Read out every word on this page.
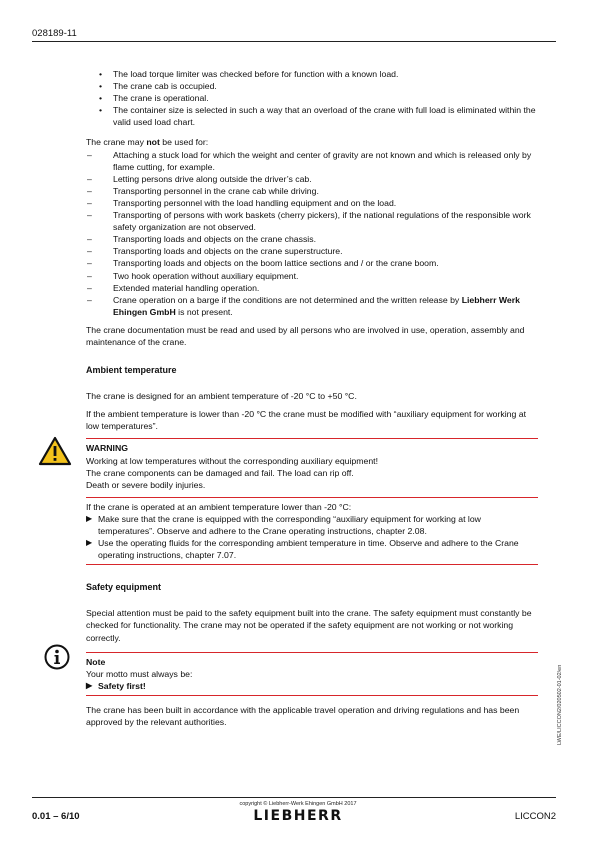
028189-11
• The load torque limiter was checked before for function with a known load.
• The crane cab is occupied.
• The crane is operational.
• The container size is selected in such a way that an overload of the crane with full load is eliminated within the valid used load chart.

The crane may not be used for:

– Attaching a stuck load for which the weight and center of gravity are not known and which is released only by flame cutting, for example.
– Letting persons drive along outside the driver’s cab.
– Transporting personnel in the crane cab while driving.
– Transporting personnel with the load handling equipment and on the load.
– Transporting of persons with work baskets (cherry pickers), if the national regulations of the responsible work safety organization are not observed.
– Transporting loads and objects on the crane chassis.
– Transporting loads and objects on the crane superstructure.
– Transporting loads and objects on the boom lattice sections and / or the crane boom.
– Two hook operation without auxiliary equipment.
– Extended material handling operation.
– Crane operation on a barge if the conditions are not determined and the written release by Liebherr Werk Ehingen GmbH is not present.

The crane documentation must be read and used by all persons who are involved in use, operation, assembly and maintenance of the crane.

Ambient temperature

The crane is designed for an ambient temperature of -20 °C to +50 °C.

If the ambient temperature is lower than -20 °C the crane must be modified with “auxiliary equipment for working at low temperatures”.

WARNING
Working at low temperatures without the corresponding auxiliary equipment!
The crane components can be damaged and fail. The load can rip off.
Death or severe bodily injuries.
If the crane is operated at an ambient temperature lower than -20 °C:
▶ Make sure that the crane is equipped with the corresponding “auxiliary equipment for working at low temperatures”. Observe and adhere to the Crane operating instructions, chapter 2.08.
▶ Use the operating fluids for the corresponding ambient temperature in time. Observe and adhere to the Crane operating instructions, chapter 7.07.
Safety equipment

Special attention must be paid to the safety equipment built into the crane. The safety equipment must constantly be checked for functionality. The crane may not be operated if the safety equipment are not working or not working correctly.

Note
Your motto must always be:
▶ Safety first!

The crane has been built in accordance with the applicable travel operation and driving regulations and has been approved by the relevant authorities.	LWE/LICCON2/020502-01-02/en
0.01 – 6/10
copyright © Liebherr-Werk Ehingen GmbH 2017
LIEBHERR	LICCON2
